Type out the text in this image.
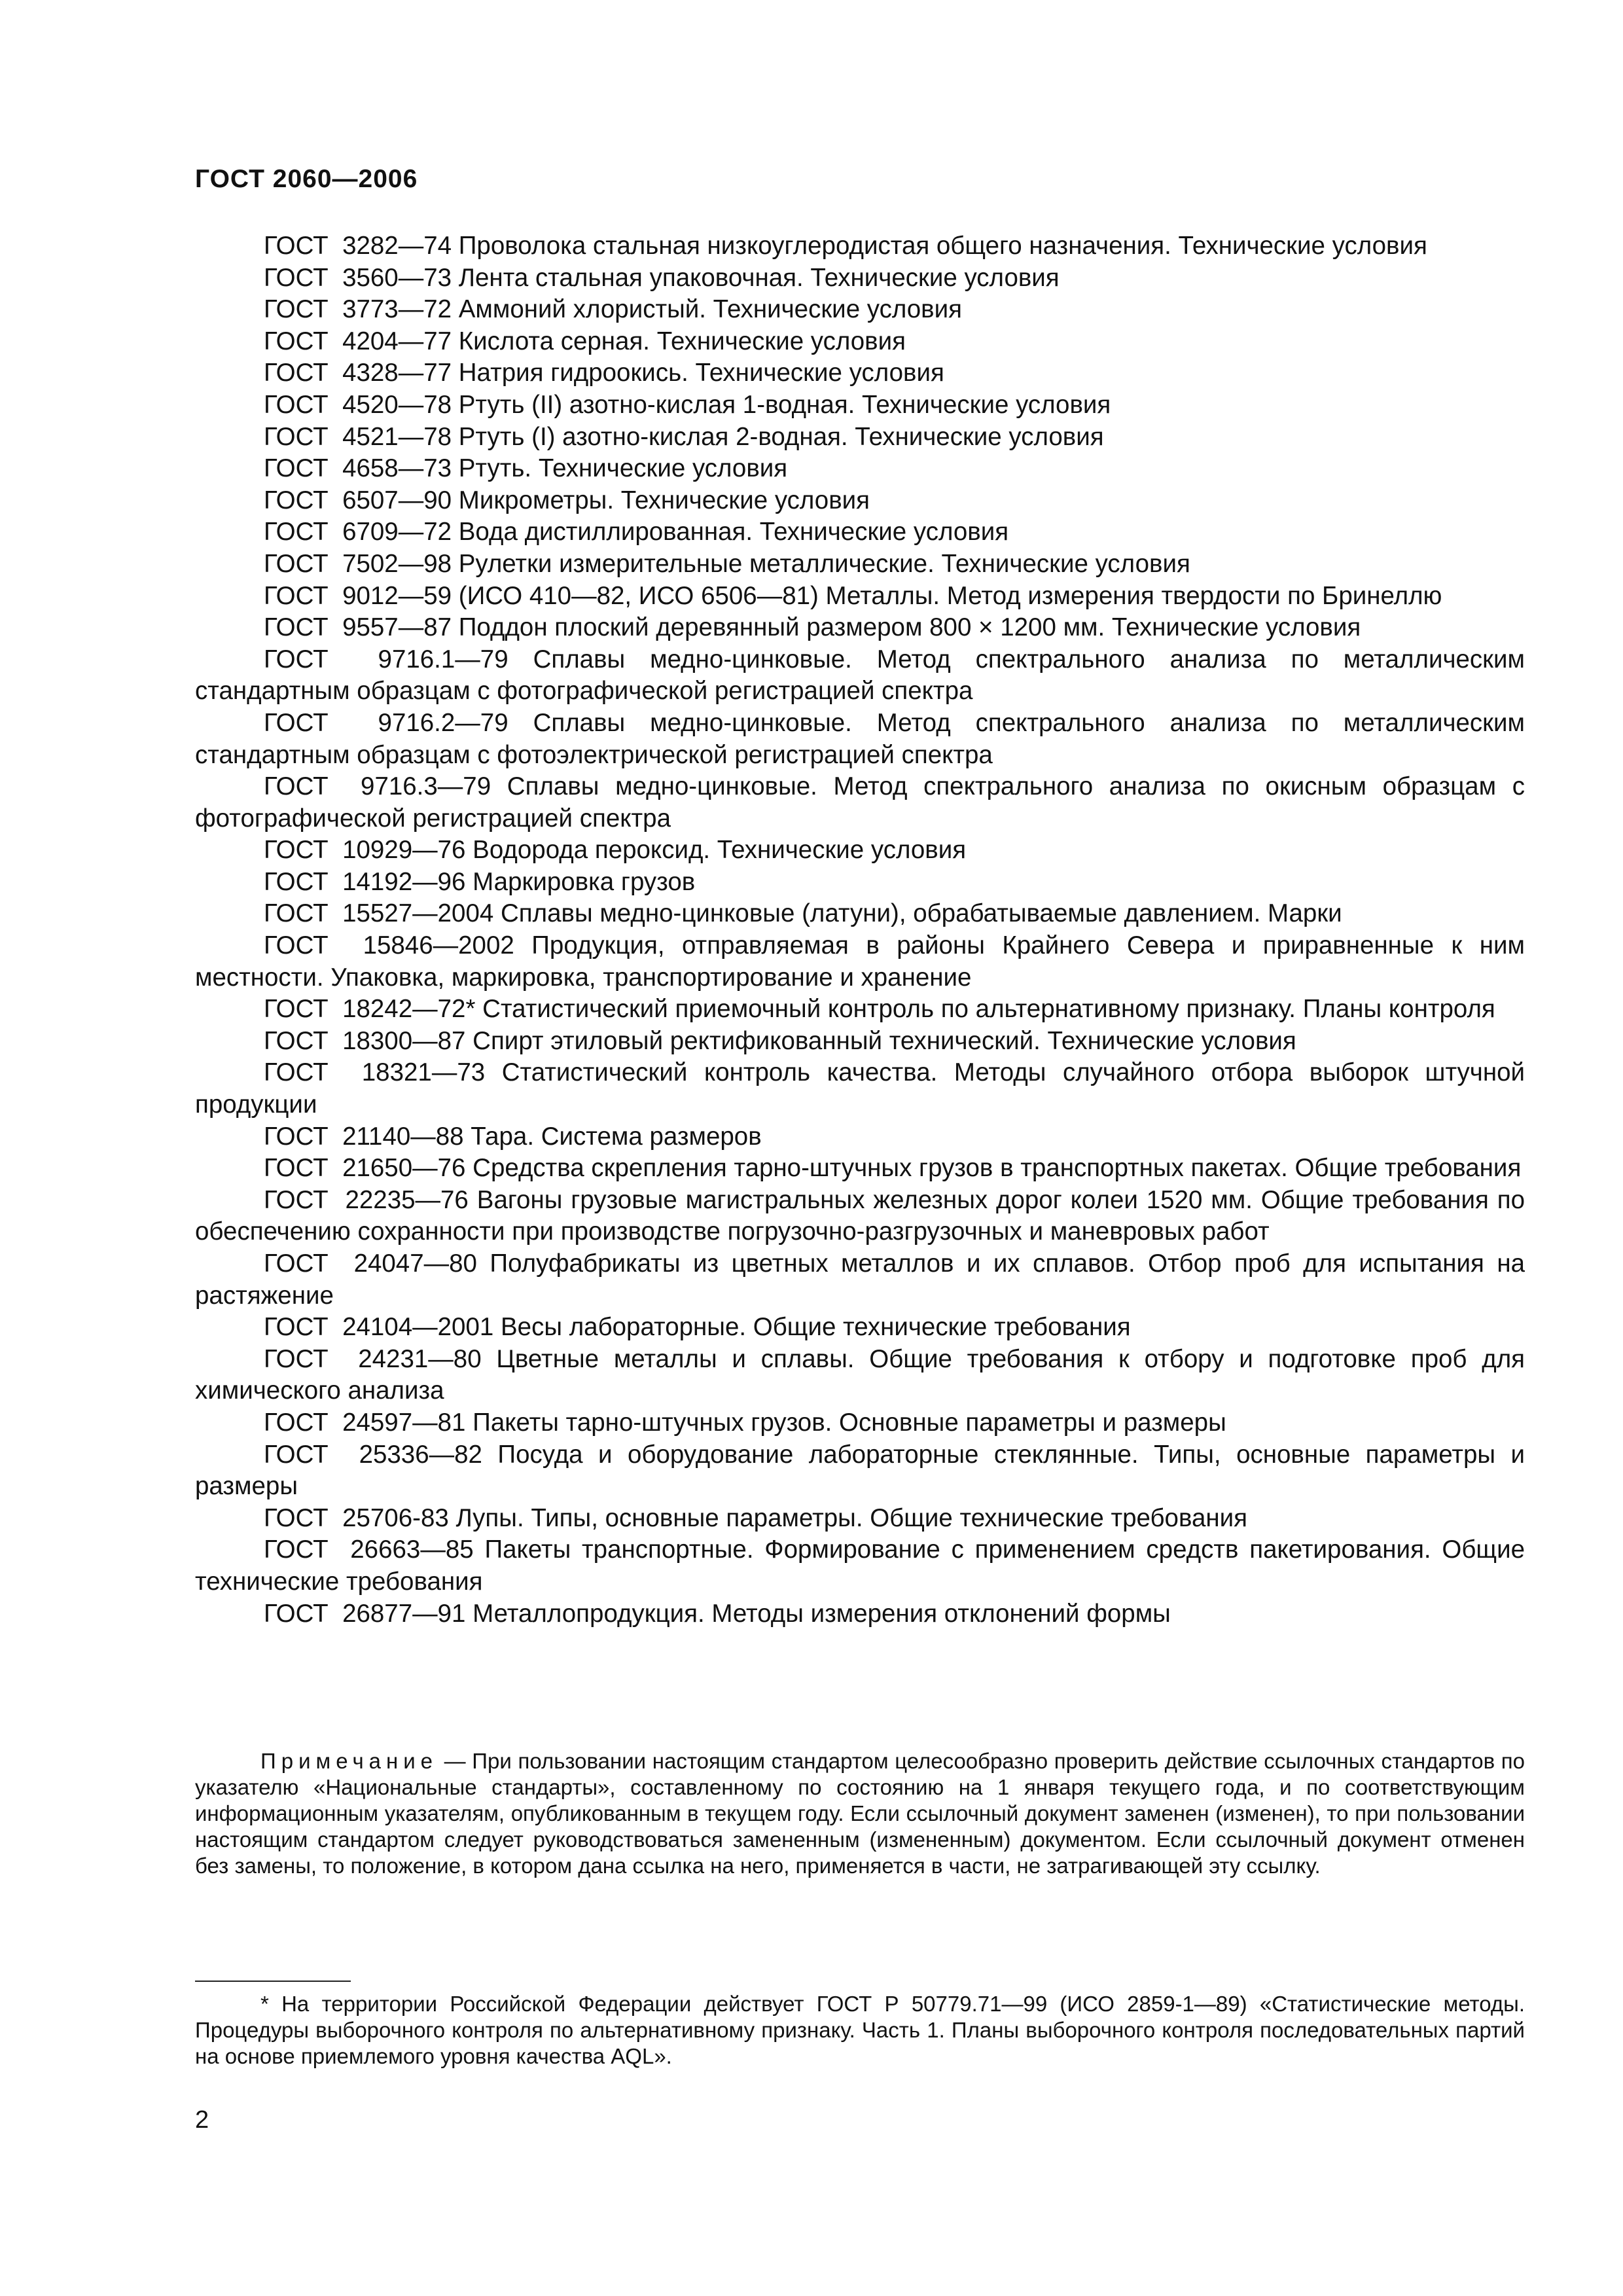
ГОСТ 2060—2006

ГОСТ  3282—74 Проволока стальная низкоуглеродистая общего назначения. Технические условия

ГОСТ  3560—73 Лента стальная упаковочная. Технические условия

ГОСТ  3773—72 Аммоний хлористый. Технические условия

ГОСТ  4204—77 Кислота серная. Технические условия

ГОСТ  4328—77 Натрия гидроокись. Технические условия

ГОСТ  4520—78 Ртуть (II) азотно-кислая 1-водная. Технические условия

ГОСТ  4521—78 Ртуть (I) азотно-кислая 2-водная. Технические условия

ГОСТ  4658—73 Ртуть. Технические условия

ГОСТ  6507—90 Микрометры. Технические условия

ГОСТ  6709—72 Вода дистиллированная. Технические условия

ГОСТ  7502—98 Рулетки измерительные металлические. Технические условия

ГОСТ  9012—59 (ИСО 410—82, ИСО 6506—81) Металлы. Метод измерения твердости по Бринеллю

ГОСТ  9557—87 Поддон плоский деревянный размером 800 × 1200 мм. Технические условия

ГОСТ  9716.1—79 Сплавы медно-цинковые. Метод спектрального анализа по металлическим стандартным образцам с фотографической регистрацией спектра

ГОСТ  9716.2—79 Сплавы медно-цинковые. Метод спектрального анализа по металлическим стандартным образцам с фотоэлектрической регистрацией спектра

ГОСТ  9716.3—79 Сплавы медно-цинковые. Метод спектрального анализа по окисным образцам с фотографической регистрацией спектра

ГОСТ  10929—76 Водорода пероксид. Технические условия

ГОСТ  14192—96 Маркировка грузов

ГОСТ  15527—2004 Сплавы медно-цинковые (латуни), обрабатываемые давлением. Марки

ГОСТ  15846—2002 Продукция, отправляемая в районы Крайнего Севера и приравненные к ним местности. Упаковка, маркировка, транспортирование и хранение

ГОСТ  18242—72* Статистический приемочный контроль по альтернативному признаку. Планы контроля

ГОСТ  18300—87 Спирт этиловый ректификованный технический. Технические условия

ГОСТ  18321—73 Статистический контроль качества. Методы случайного отбора выборок штучной продукции

ГОСТ  21140—88 Тара. Система размеров

ГОСТ  21650—76 Средства скрепления тарно-штучных грузов в транспортных пакетах. Общие требования

ГОСТ  22235—76 Вагоны грузовые магистральных железных дорог колеи 1520 мм. Общие требования по обеспечению сохранности при производстве погрузочно-разгрузочных и маневровых работ

ГОСТ  24047—80 Полуфабрикаты из цветных металлов и их сплавов. Отбор проб для испытания на растяжение

ГОСТ  24104—2001 Весы лабораторные. Общие технические требования

ГОСТ  24231—80 Цветные металлы и сплавы. Общие требования к отбору и подготовке проб для химического анализа

ГОСТ  24597—81 Пакеты тарно-штучных грузов. Основные параметры и размеры

ГОСТ  25336—82 Посуда и оборудование лабораторные стеклянные. Типы, основные параметры и размеры

ГОСТ  25706-83 Лупы. Типы, основные параметры. Общие технические требования

ГОСТ  26663—85 Пакеты транспортные. Формирование с применением средств пакетирования. Общие технические требования

ГОСТ  26877—91 Металлопродукция. Методы измерения отклонений формы

Примечание — При пользовании настоящим стандартом целесообразно проверить действие ссылочных стандартов по указателю «Национальные стандарты», составленному по состоянию на 1 января текущего года, и по соответствующим информационным указателям, опубликованным в текущем году. Если ссылочный документ заменен (изменен), то при пользовании настоящим стандартом следует руководствоваться замененным (измененным) документом. Если ссылочный документ отменен без замены, то положение, в котором дана ссылка на него, применяется в части, не затрагивающей эту ссылку.

* На территории Российской Федерации действует ГОСТ Р 50779.71—99 (ИСО 2859-1—89) «Статистические методы. Процедуры выборочного контроля по альтернативному признаку. Часть 1. Планы выборочного контроля последовательных партий на основе приемлемого уровня качества AQL».

2
